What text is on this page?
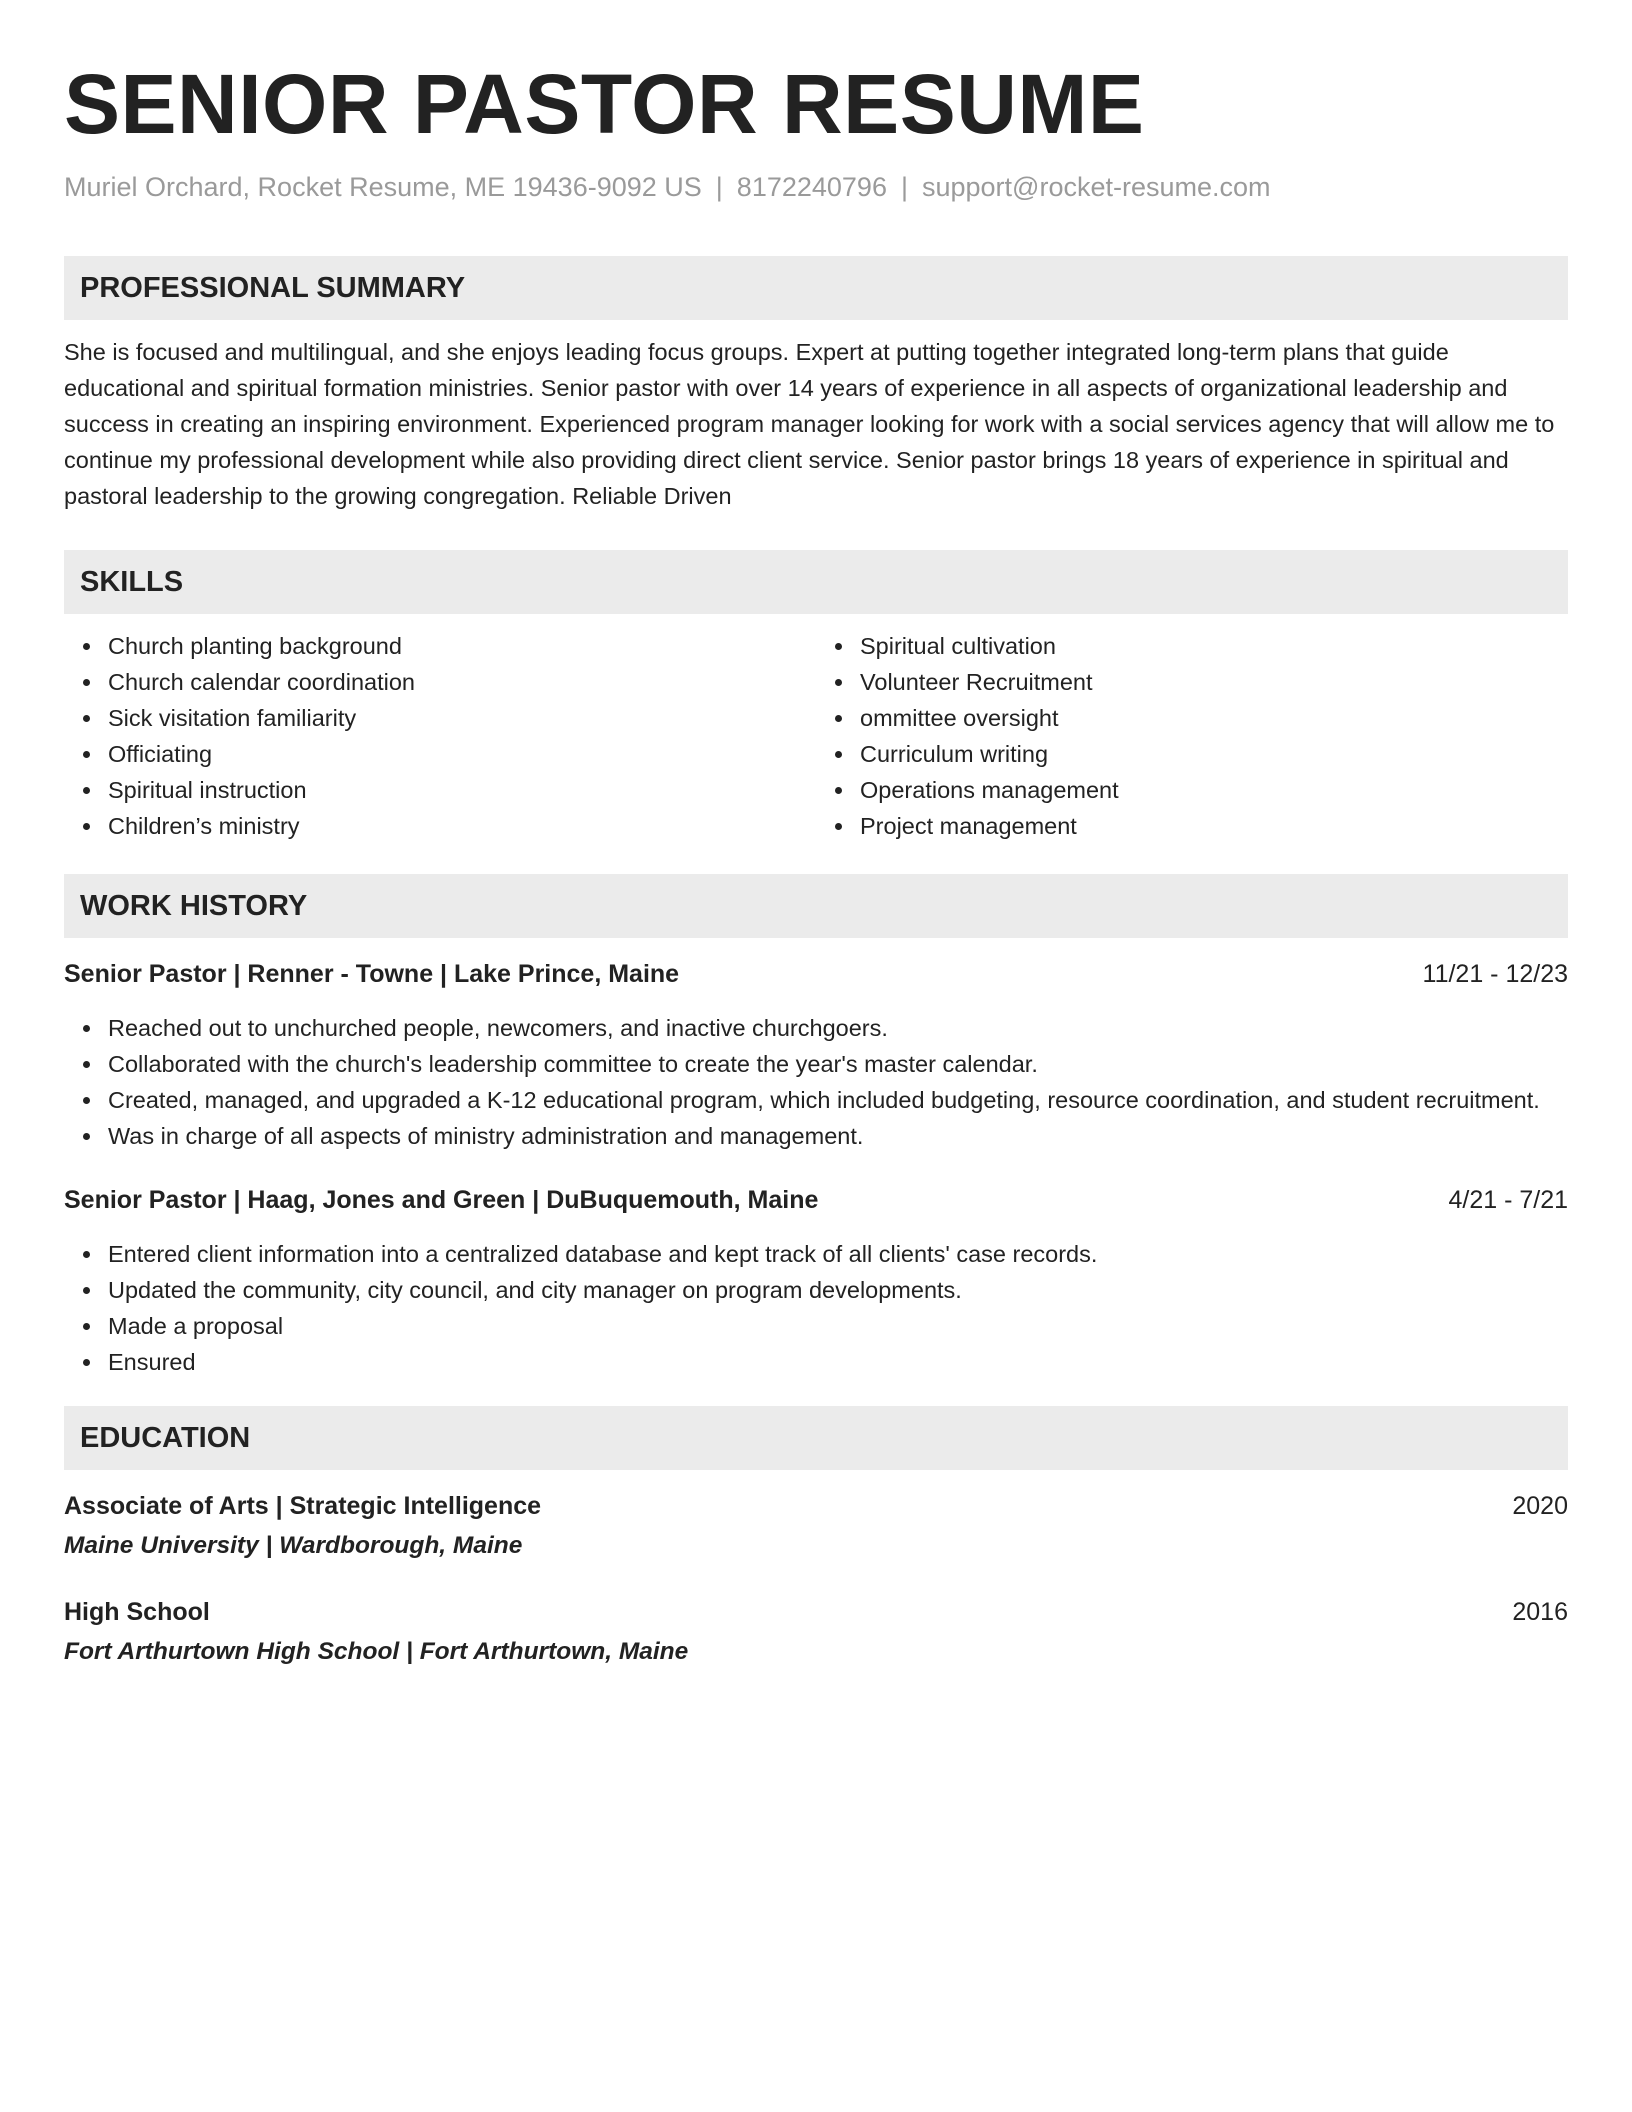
SENIOR PASTOR RESUME
Muriel Orchard, Rocket Resume, ME 19436-9092 US | 8172240796 | support@rocket-resume.com
PROFESSIONAL SUMMARY
She is focused and multilingual, and she enjoys leading focus groups. Expert at putting together integrated long-term plans that guide educational and spiritual formation ministries. Senior pastor with over 14 years of experience in all aspects of organizational leadership and success in creating an inspiring environment. Experienced program manager looking for work with a social services agency that will allow me to continue my professional development while also providing direct client service. Senior pastor brings 18 years of experience in spiritual and pastoral leadership to the growing congregation. Reliable Driven
SKILLS
Church planting background
Church calendar coordination
Sick visitation familiarity
Officiating
Spiritual instruction
Children’s ministry
Spiritual cultivation
Volunteer Recruitment
ommittee oversight
Curriculum writing
Operations management
Project management
WORK HISTORY
Senior Pastor | Renner - Towne | Lake Prince, Maine	11/21 - 12/23
Reached out to unchurched people, newcomers, and inactive churchgoers.
Collaborated with the church's leadership committee to create the year's master calendar.
Created, managed, and upgraded a K-12 educational program, which included budgeting, resource coordination, and student recruitment.
Was in charge of all aspects of ministry administration and management.
Senior Pastor | Haag, Jones and Green | DuBuquemouth, Maine	4/21 - 7/21
Entered client information into a centralized database and kept track of all clients' case records.
Updated the community, city council, and city manager on program developments.
Made a proposal
Ensured
EDUCATION
Associate of Arts | Strategic Intelligence	2020
Maine University | Wardborough, Maine
High School	2016
Fort Arthurtown High School | Fort Arthurtown, Maine
